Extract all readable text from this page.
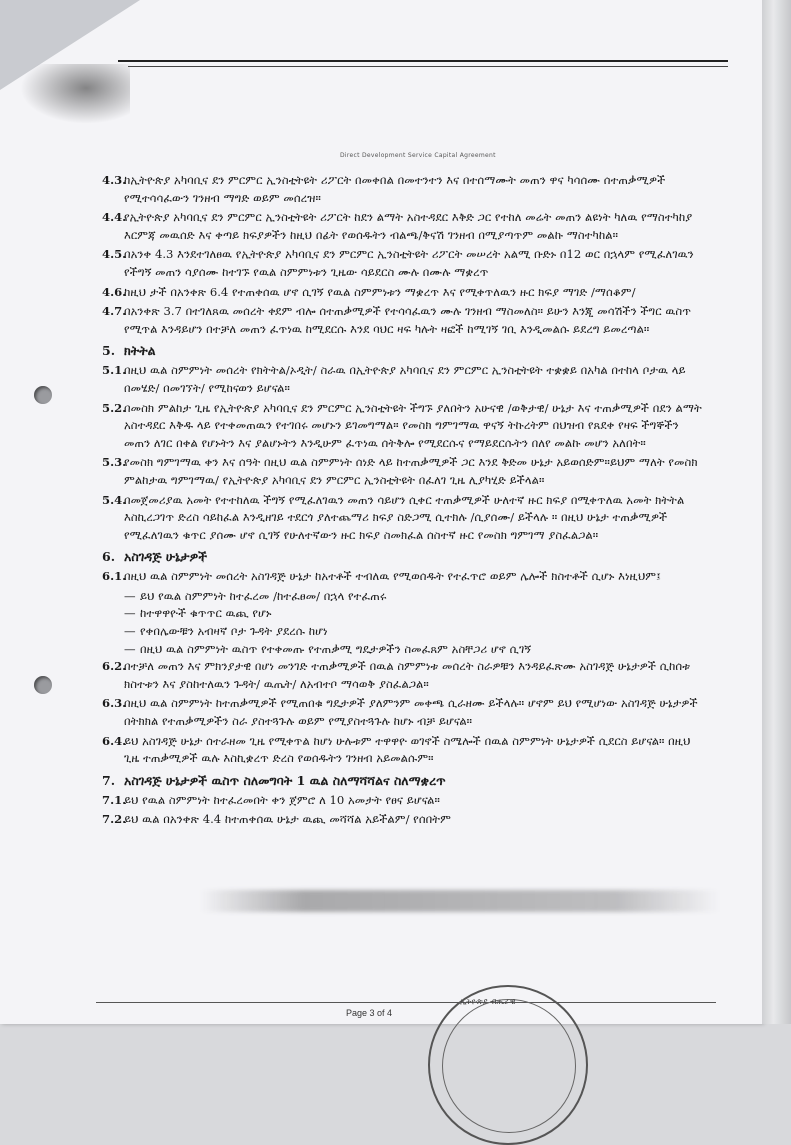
Direct Development Service Capital Agreement
4.3.
ከኢትዮጵያ አካባቢና ደን ምርምር ኢንስቲትዩት ሪፖርት በመቀበል በመተንተን እና በተሰማሙት መጠን ዋና ካሳሰሙ ሰተጠቃሚዎች የሚተሳሳፈውን ገንዘብ ማግድ ወይም መሰረዝ።
4.4.
የኢትዮጵያ አካባቢና ደን ምርምር ኢንስቲትዩት ሪፖርት ከደን ልማት አስተዳደር እቅድ ጋር የተከለ መሬት መጠን ልዩነት ካለዉ የማስተካከያ እርምጃ መዉሰድ እና ቀጣይ ክፍያዎችን ከዚህ በፊት የወሰዱትን ብልጫ/ቅናሽ ገንዘብ በሚያጣጥም መልኩ ማስተካከል።
4.5.
በአንቀ 4.3 እንደተገለፀዉ የኢትዮጵያ አካባቢና ደን ምርምር ኢንስቲትዩት ሪፖርት መሠረት አልሚ ቡድኑ በ12 ወር በኋላም የሚፈለገዉን የችግኝ መጠን ሳያሰሙ ከተገኙ የዉል ስምምነቱን ጊዜው ሳይደርስ ሙሉ በሙሉ ማቋረጥ
4.6.
ከዚህ ታች በአንቀጽ 6.4 የተጠቀሰዉ ሆኖ ሲገኝ የዉል ስምምነቱን ማቋረጥ እና የሚቀጥለዉን ዙር ክፍያ ማገድ /ማሰቆም/
4.7.
በአንቀጽ 3.7 በተገለጸዉ መሰረት ቀደም ብሎ ሰተጠቃሚዎች የተሳሳፈዉን ሙሉ ገንዘብ ማስመለስ። ይሁን እንጂ መሳሽችን ችግር ዉስጥ የሚጥል እንዳይሆን በተቻለ መጠን ፈጥነዉ ከሚደርሱ እንደ ባህር ዛፍ ካሉት ዛፎች ከሚገኝ ገቢ እንዲመልሱ ይደረግ ይመረጣል።
5. ክትትል
5.1.
በዚህ ዉል ስምምነት መሰረት የክትትል/ኦዲት/ ስራዉ በኢትዮጵያ አካባቢና ደን ምርምር ኢንስቲትዩት ተቋቋይ በአካል በተከላ ቦታዉ ላይ በመሄድ/ በመገኘት/ የሚከናወን ይሆናል።
5.2.
በመስክ ምልከታ ጊዜ የኢትዮጵያ አካባቢና ደን ምርምር ኢንስቲትዩት ችግኙ ያለበትን አሁናዊ /ወቅታዊ/ ሁኔታ እና ተጠቃሚዎች በደን ልማት አስተዳደር እቅዱ ላይ የተቀመጠዉን የተገበሩ መሆኑን ይገመግማል። የመስክ ግምገማዉ ዋናኝ ትኩረትም በህዝብ የጸደቀ የዛፍ ችግኞችን መጠን ለገር በቀል የሆኑትን እና ያልሆኑትን እንዲሁም ፈጥነዉ ሰትቅሎ የሚደርሱና የማይደርሱትን በለየ መልኩ መሆን አለበት።
5.3.
የመስክ ግምገማዉ ቀን እና ሰዓት በዚህ ዉል ስምምነት ሰነድ ላይ ከተጠቃሚዎች ጋር እንደ ቅድመ ሁኔታ አይወሰድም።ይህም ማለት የመስክ ምልከታዉ ግምገማዉ/ የኢትዮጵያ አካባቢና ደን ምርምር ኢንስቲትዩት በፈለገ ጊዜ ሊያካሂድ ይችላል።
5.4.
በመጀመሪያዉ አመት የተተከለዉ ችግኝ የሚፈለገዉን መጠን ሳይሆን ሲቀር ተጠቃሚዎች ሁለተኛ ዙር ክፍያ በሚቀጥለዉ አመት ክትትል እስኪረጋገጥ ድረስ ሳይከፈል እንዲዘገይ ተደርጎ ያለተጨማሪ ክፍያ ስድጋሚ ሲተክሉ /ሲያሰሙ/ ይችላሉ ። በዚህ ሁኔታ ተጠቃሚዎች የሚፈለገዉን ቁጥር ያሰሙ ሆኖ ሲገኝ የሁለተኛውን ዙር ክፍያ ስመክፈል ሰስተኛ ዙር የመስክ ግምገማ ያስፈልጋል።
6. አስገዳጅ ሁኔታዎች
6.1.
በዚህ ዉል ስምምነት መሰረት አስገዳጅ ሁኔታ ከአተቶች ተብለዉ የሚወሰዱት የተፈጥሮ ወይም ሌሎች ክስተቶች ሲሆኑ እነዚህም፤
— ይህ የዉል ስምምነት ከተፈረመ /ከተፈፀመ/ በኋላ የተፈጠሩ
— ከተዋዋዮች ቁጥጥር ዉጪ የሆኑ
— የቀበሌውቹን አብዛኛ ቦታ ጉዳት ያደረሱ ከሆነ
— በዚህ ዉል ስምምነት ዉስጥ የተቀመጡ የተጠቃሚ ግዴታዎችን ስመፈጸም አስቸጋሪ ሆኖ ሲገኝ
6.2.
በተቻለ መጠን እና ምክንያታዊ በሆነ መንገድ ተጠቃሚዎች በዉል ስምምነቱ መሰረት ስራዎቹን እንዳይፈጽሙ አስገዳጅ ሁኔታዎች ሲከሰቱ ክስተቱን እና ያስከተለዉን ጉዳት/ ዉጤት/ ለአብተቦ ማሳወቅ ያስፈልጋል።
6.3.
በዚህ ዉል ስምምነት ከተጠቃሚዎች የሚጠበቁ ግዴታዎች ያለምንም መቀጫ ሲራዘሙ ይችላሉ። ሆኖም ይህ የሚሆነው አስገዳጅ ሁኔታዎች በትክክል የተጠቃሚዎችን ስራ ያስተጓጉሉ ወይም የሚያስተጓጉሉ ከሆኑ ብቻ ይሆናል።
6.4.
ይህ አስገዳጅ ሁኔታ ሰተራዘመ ጊዜ የሚቀጥል ከሆነ ሁሉቱም ተዋዋዮ ወገኖች ስሜሎች በዉል ስምምነት ሁኔታዎች ሲደርስ ይሆናል። በዚህ ጊዜ ተጠቃሚዎች ዉሉ እስኪቋረጥ ድረስ የወሰዱትን ገንዘብ አይመልሱም።
7. አስገዳጅ ሁኔታዎች ዉስጥ ስለመግባት 1 ዉል ስለማሻሻልና ስለማቋረጥ
7.1.
ይህ የዉል ስምምነት ከተፈረመበት ቀን ጀምሮ ለ 10 አመታት የፀና ይሆናል።
7.2.
ይህ ዉል በአንቀጽ 4.4 ከተጠቀሰዉ ሁኔታ ዉጪ መሻሻል አይችልም/ የሰበትም
Page 3 of 4
ኢትዮጵያ ብሔራዊ
